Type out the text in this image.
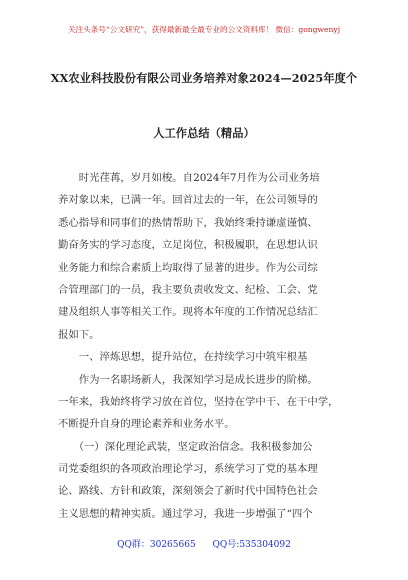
关注头条号“公文研究”，获得最新最全最专业的公文资料库！ 微信：gongwenyj
XX农业科技股份有限公司业务培养对象2024—2025年度个
人工作总结（精品）
　　时光荏苒，岁月如梭。自2024年7月作为公司业务培
养对象以来，已满一年。回首过去的一年，在公司领导的
悉心指导和同事们的热情帮助下，我始终秉持谦虚谨慎、
勤奋务实的学习态度，立足岗位，积极履职，在思想认识
业务能力和综合素质上均取得了显著的进步。作为公司综
合管理部门的一员，我主要负责收发文、纪检、工会、党
建及组织人事等相关工作。现将本年度的工作情况总结汇
报如下。
　　一、淬炼思想，提升站位，在持续学习中筑牢根基
　　作为一名职场新人，我深知学习是成长进步的阶梯。
一年来，我始终将学习放在首位，坚持在学中干、在干中学，
不断提升自身的理论素养和业务水平。
　　（一）深化理论武装，坚定政治信念。我积极参加公
司党委组织的各项政治理论学习，系统学习了党的基本理
论、路线、方针和政策，深刻领会了新时代中国特色社会
主义思想的精神实质。通过学习，我进一步增强了“四个
QQ群：30265665 QQ号:535304092
